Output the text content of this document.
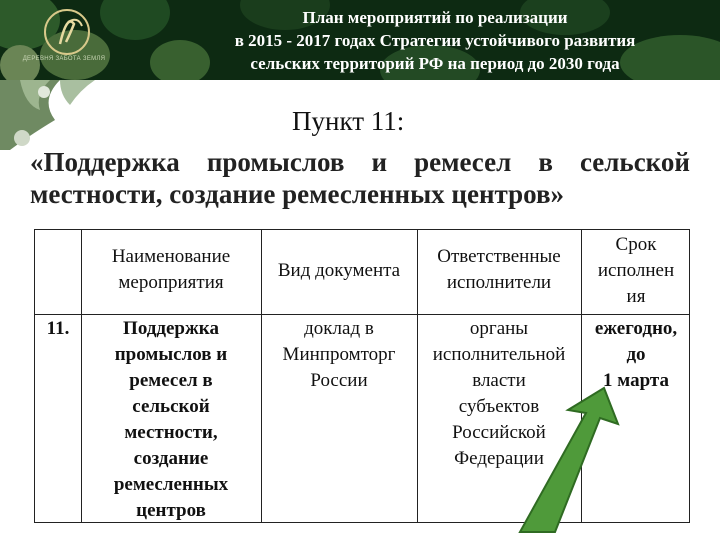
ДЕРЕВНЯ ЗАБОТА ЗЕМЛЯ
План мероприятий по реализации
в 2015 - 2017 годах Стратегии устойчивого развития
сельских территорий РФ на период до 2030 года
Пункт 11:
«Поддержка промыслов и ремесел в сельской
местности, создание ремесленных центров»
Наименование
мероприятия
Вид документа
Ответственные
исполнители
Срок
исполнен
ия
11.	Поддержка
промыслов и
ремесел в
сельской
местности,
создание
ремесленных
центров
доклад в
Минпромторг
России
органы
исполнительной
власти
субъектов
Российской
Федерации
ежегодно,
до
1 марта
